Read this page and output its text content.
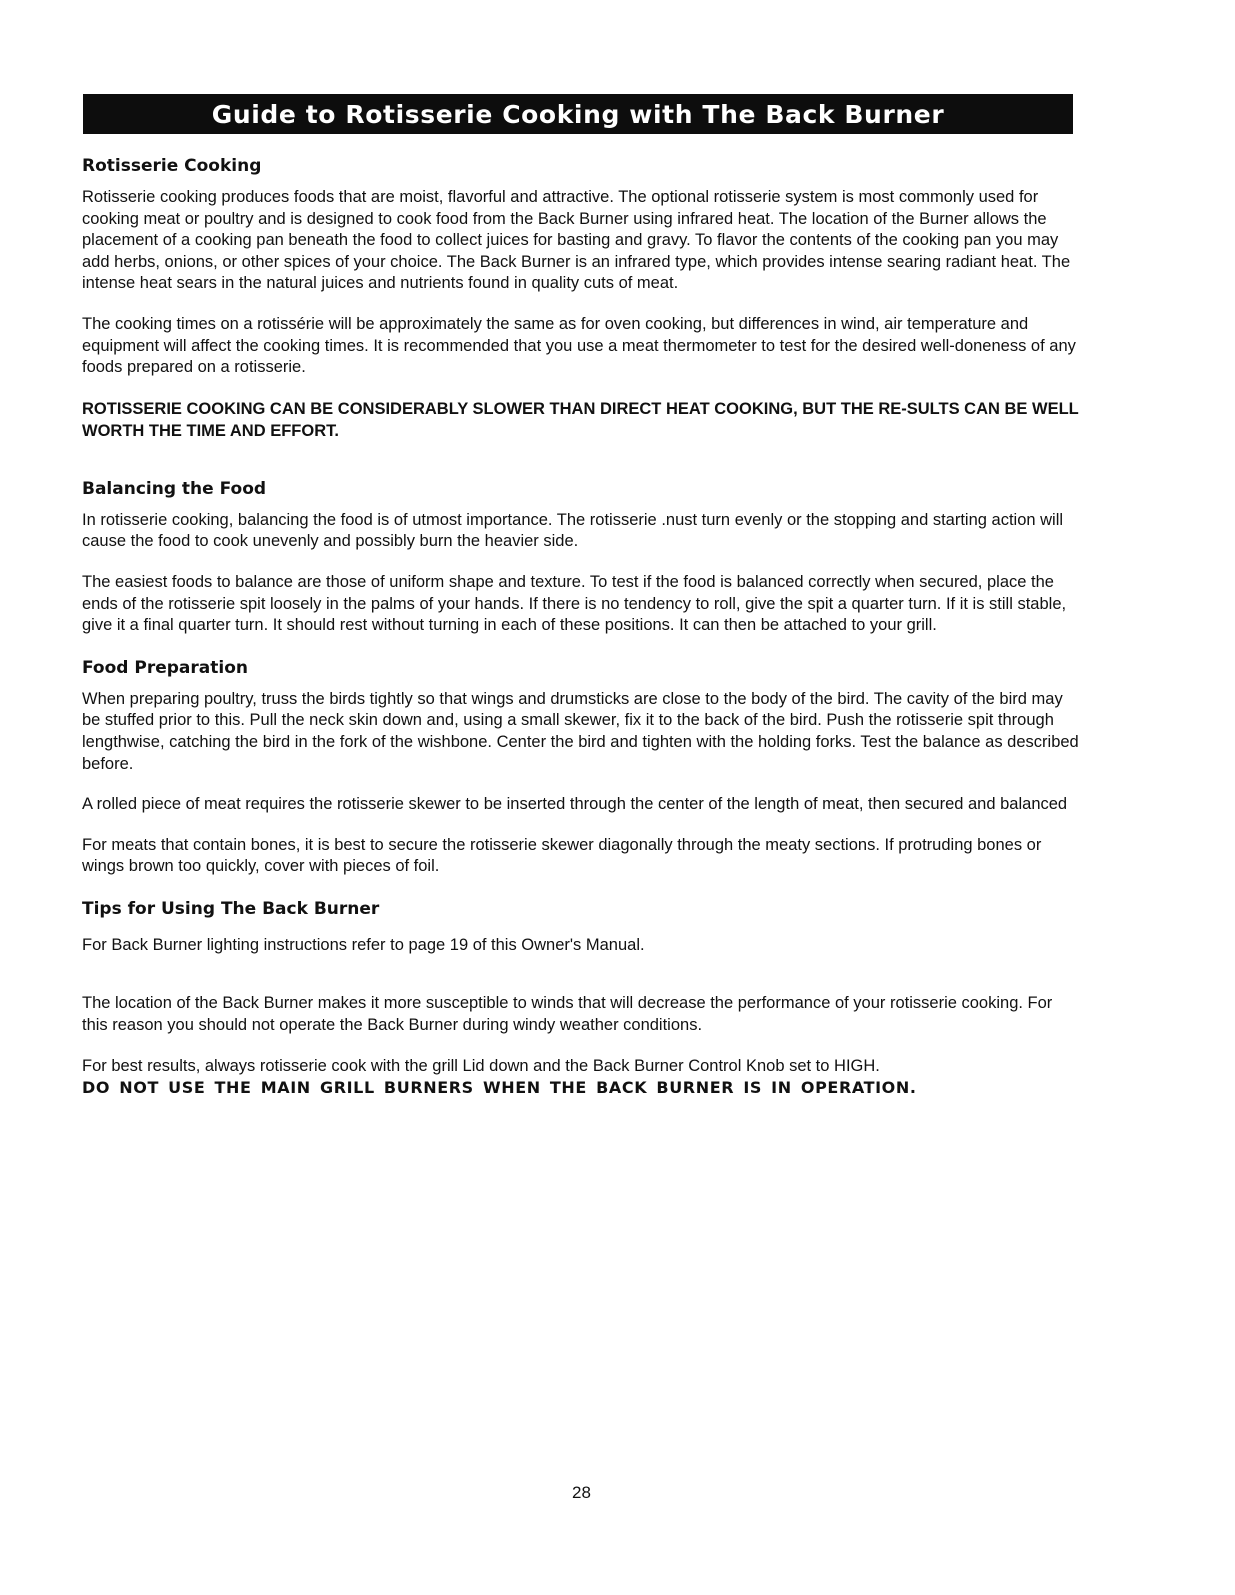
Guide to Rotisserie Cooking with The Back Burner

Rotisserie Cooking

Rotisserie cooking produces foods that are moist, flavorful and attractive. The optional rotisserie system is most commonly used for cooking meat or poultry and is designed to cook food from the Back Burner using infrared heat. The location of the Burner allows the placement of a cooking pan beneath the food to collect juices for basting and gravy. To flavor the contents of the cooking pan you may add herbs, onions, or other spices of your choice. The Back Burner is an infrared type, which provides intense searing radiant heat. The intense heat sears in the natural juices and nutrients found in quality cuts of meat.

The cooking times on a rotissérie will be approximately the same as for oven cooking, but differences in wind, air temperature and equipment will affect the cooking times. It is recommended that you use a meat thermometer to test for the desired well-doneness of any foods prepared on a rotisserie.

ROTISSERIE COOKING CAN BE CONSIDERABLY SLOWER THAN DIRECT HEAT COOKING, BUT THE RE-SULTS CAN BE WELL WORTH THE TIME AND EFFORT.

Balancing the Food

In rotisserie cooking, balancing the food is of utmost importance. The rotisserie .nust turn evenly or the stopping and starting action will cause the food to cook unevenly and possibly burn the heavier side.

The easiest foods to balance are those of uniform shape and texture. To test if the food is balanced correctly when secured, place the ends of the rotisserie spit loosely in the palms of your hands. If there is no tendency to roll, give the spit a quarter turn. If it is still stable, give it a final quarter turn. It should rest without turning in each of these positions. It can then be attached to your grill.

Food Preparation

When preparing poultry, truss the birds tightly so that wings and drumsticks are close to the body of the bird. The cavity of the bird may be stuffed prior to this. Pull the neck skin down and, using a small skewer, fix it to the back of the bird. Push the rotisserie spit through lengthwise, catching the bird in the fork of the wishbone. Center the bird and tighten with the holding forks. Test the balance as described before.

A rolled piece of meat requires the rotisserie skewer to be inserted through the center of the length of meat, then secured and balanced

For meats that contain bones, it is best to secure the rotisserie skewer diagonally through the meaty sections. If protruding bones or wings brown too quickly, cover with pieces of foil.

Tips for Using The Back Burner

For Back Burner lighting instructions refer to page 19 of this Owner's Manual.

The location of the Back Burner makes it more susceptible to winds that will decrease the performance of your rotisserie cooking. For this reason you should not operate the Back Burner during windy weather conditions.

For best results, always rotisserie cook with the grill Lid down and the Back Burner Control Knob set to HIGH.

DO NOT USE THE MAIN GRILL BURNERS WHEN THE BACK BURNER IS IN OPERATION.

28
